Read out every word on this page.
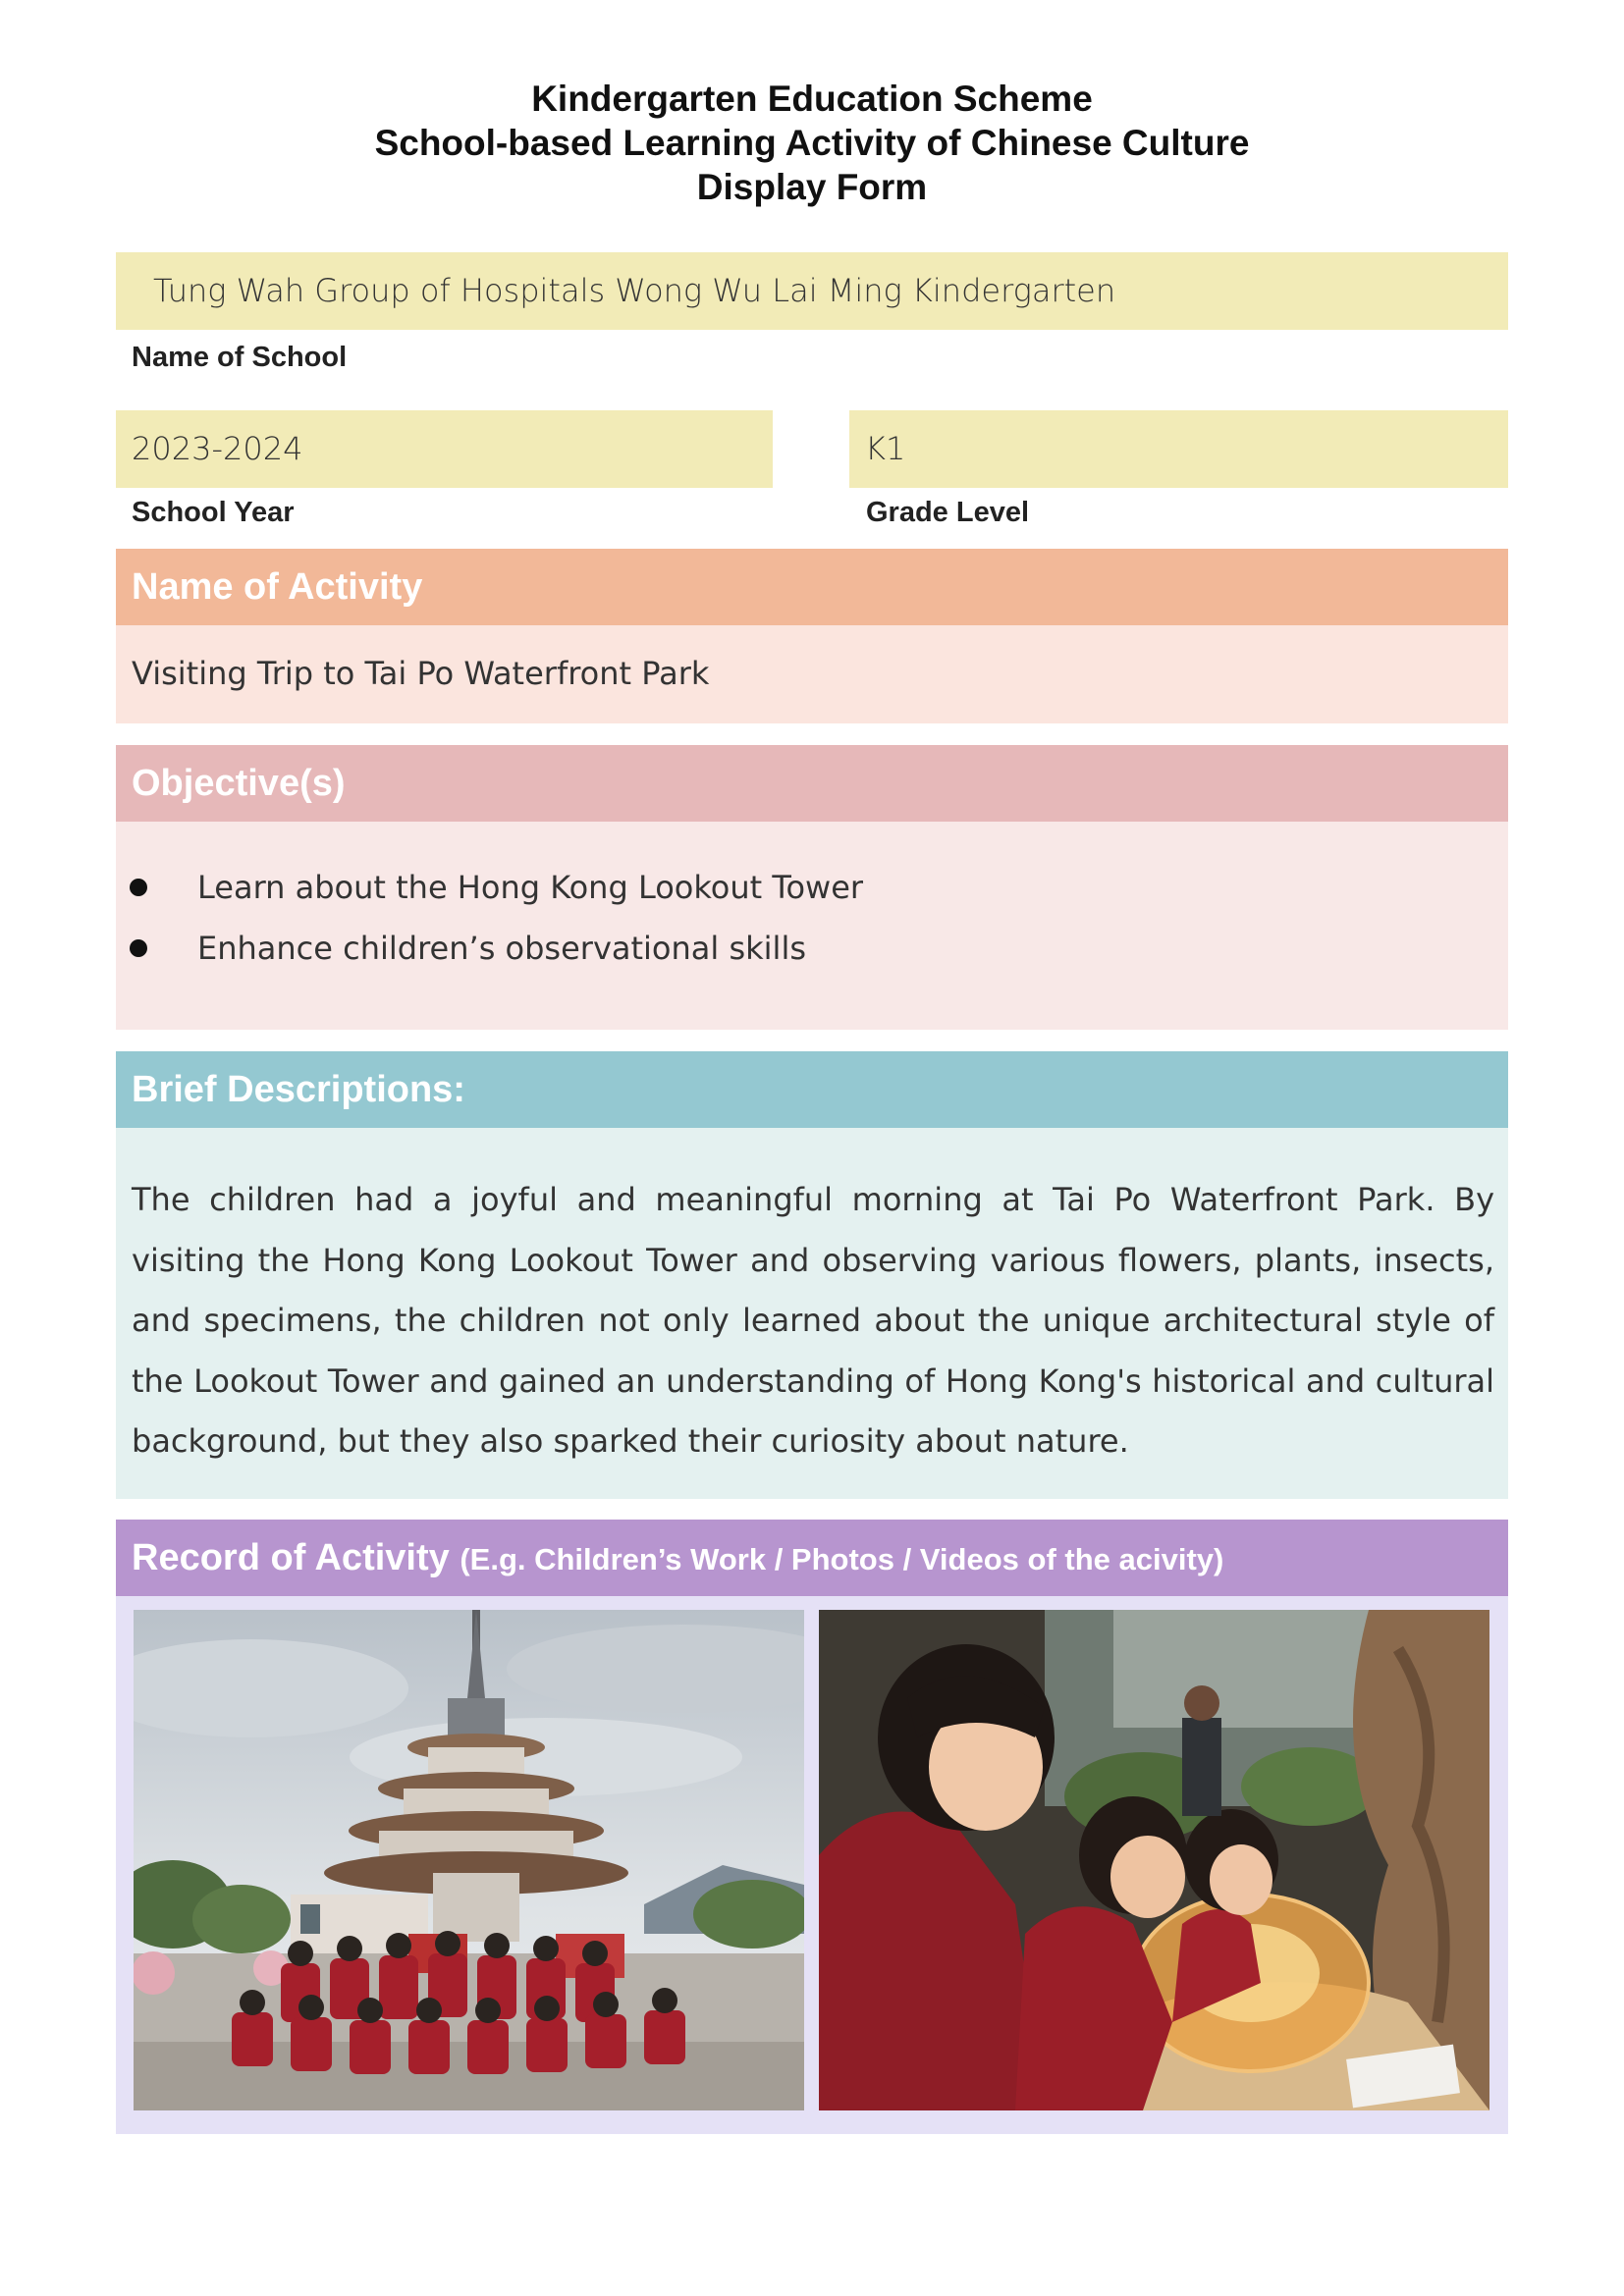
Kindergarten Education Scheme
School-based Learning Activity of Chinese Culture
Display Form
Tung Wah Group of Hospitals Wong Wu Lai Ming Kindergarten
Name of School
2023-2024
School Year
K1
Grade Level
Name of Activity
Visiting Trip to Tai Po Waterfront Park
Objective(s)
Learn about the Hong Kong Lookout Tower
Enhance children’s observational skills
Brief Descriptions:
The children had a joyful and meaningful morning at Tai Po Waterfront Park. By visiting the Hong Kong Lookout Tower and observing various flowers, plants, insects, and specimens, the children not only learned about the unique architectural style of the Lookout Tower and gained an understanding of Hong Kong's historical and cultural background, but they also sparked their curiosity about nature.
Record of Activity (E.g. Children’s Work / Photos / Videos of the acivity)
